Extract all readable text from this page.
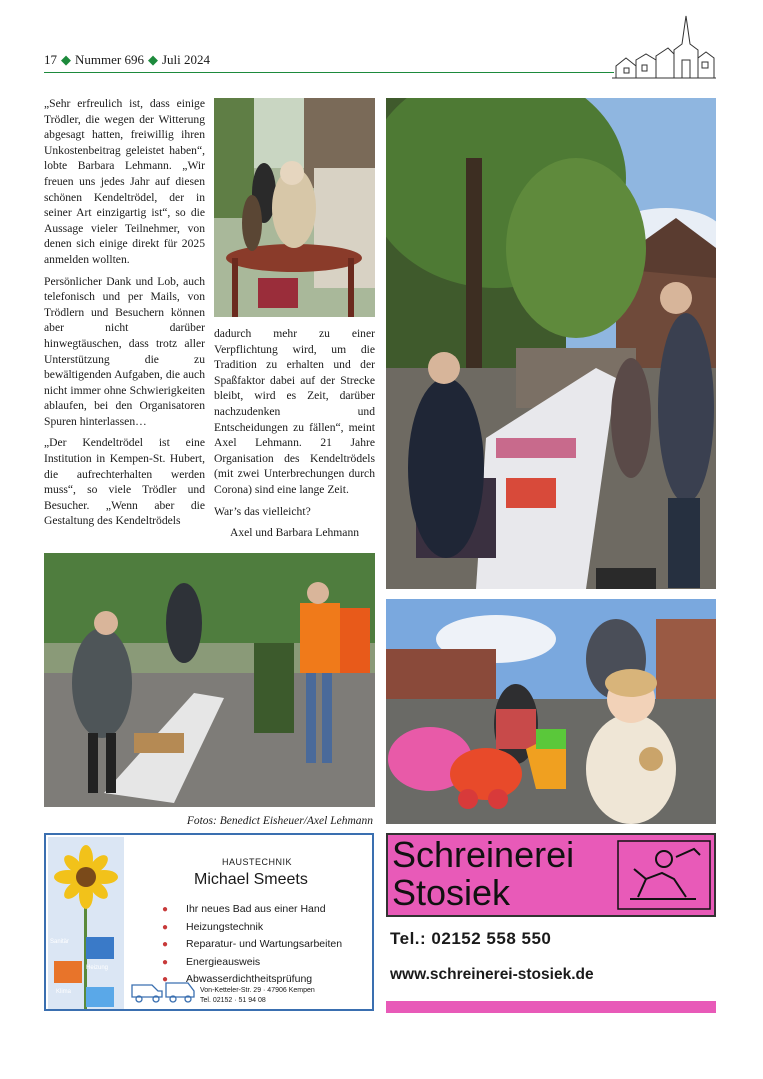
17 ◆ Nummer 696 ◆ Juli 2024

„Sehr erfreulich ist, dass einige Trödler, die wegen der Witterung abgesagt hatten, freiwillig ihren Unkostenbeitrag geleistet haben“, lobte Barbara Lehmann. „Wir freuen uns jedes Jahr auf diesen schönen Kendeltrödel, der in seiner Art einzigartig ist“, so die Aussage vieler Teilnehmer, von denen sich einige direkt für 2025 anmelden wollten.

Persönlicher Dank und Lob, auch telefonisch und per Mails, von Trödlern und Besuchern können aber nicht darüber hinwegtäuschen, dass trotz aller Unterstützung die zu bewältigenden Aufgaben, die auch nicht immer ohne Schwierigkeiten ablaufen, bei den Organisatoren Spuren hinterlassen…

„Der Kendeltrödel ist eine Institution in Kempen-St. Hubert, die aufrechterhalten werden muss“, so viele Trödler und Besucher. „Wenn aber die Gestaltung des Kendeltrödels

dadurch mehr zu einer Verpflichtung wird, um die Tradition zu erhalten und der Spaßfaktor dabei auf der Strecke bleibt, wird es Zeit, darüber nachzudenken und Entscheidungen zu fällen“, meint Axel Lehmann. 21 Jahre Organisation des Kendeltrödels (mit zwei Unterbrechungen durch Corona) sind eine lange Zeit.

War’s das vielleicht?

Axel und Barbara Lehmann

Fotos: Benedict Eisheuer/Axel Lehmann
Sanitär
Heizung
Klima
HAUSTECHNIK
Michael Smeets
● Ihr neues Bad aus einer Hand
● Heizungstechnik
● Reparatur- und Wartungsarbeiten
● Energieausweis
● Abwasserdichtheitsprüfung
Von-Ketteler-Str. 29 · 47906 Kempen
Tel. 02152 · 51 94 08
Schreinerei
Stosiek
Tel.: 02152 558 550
www.schreinerei-stosiek.de
